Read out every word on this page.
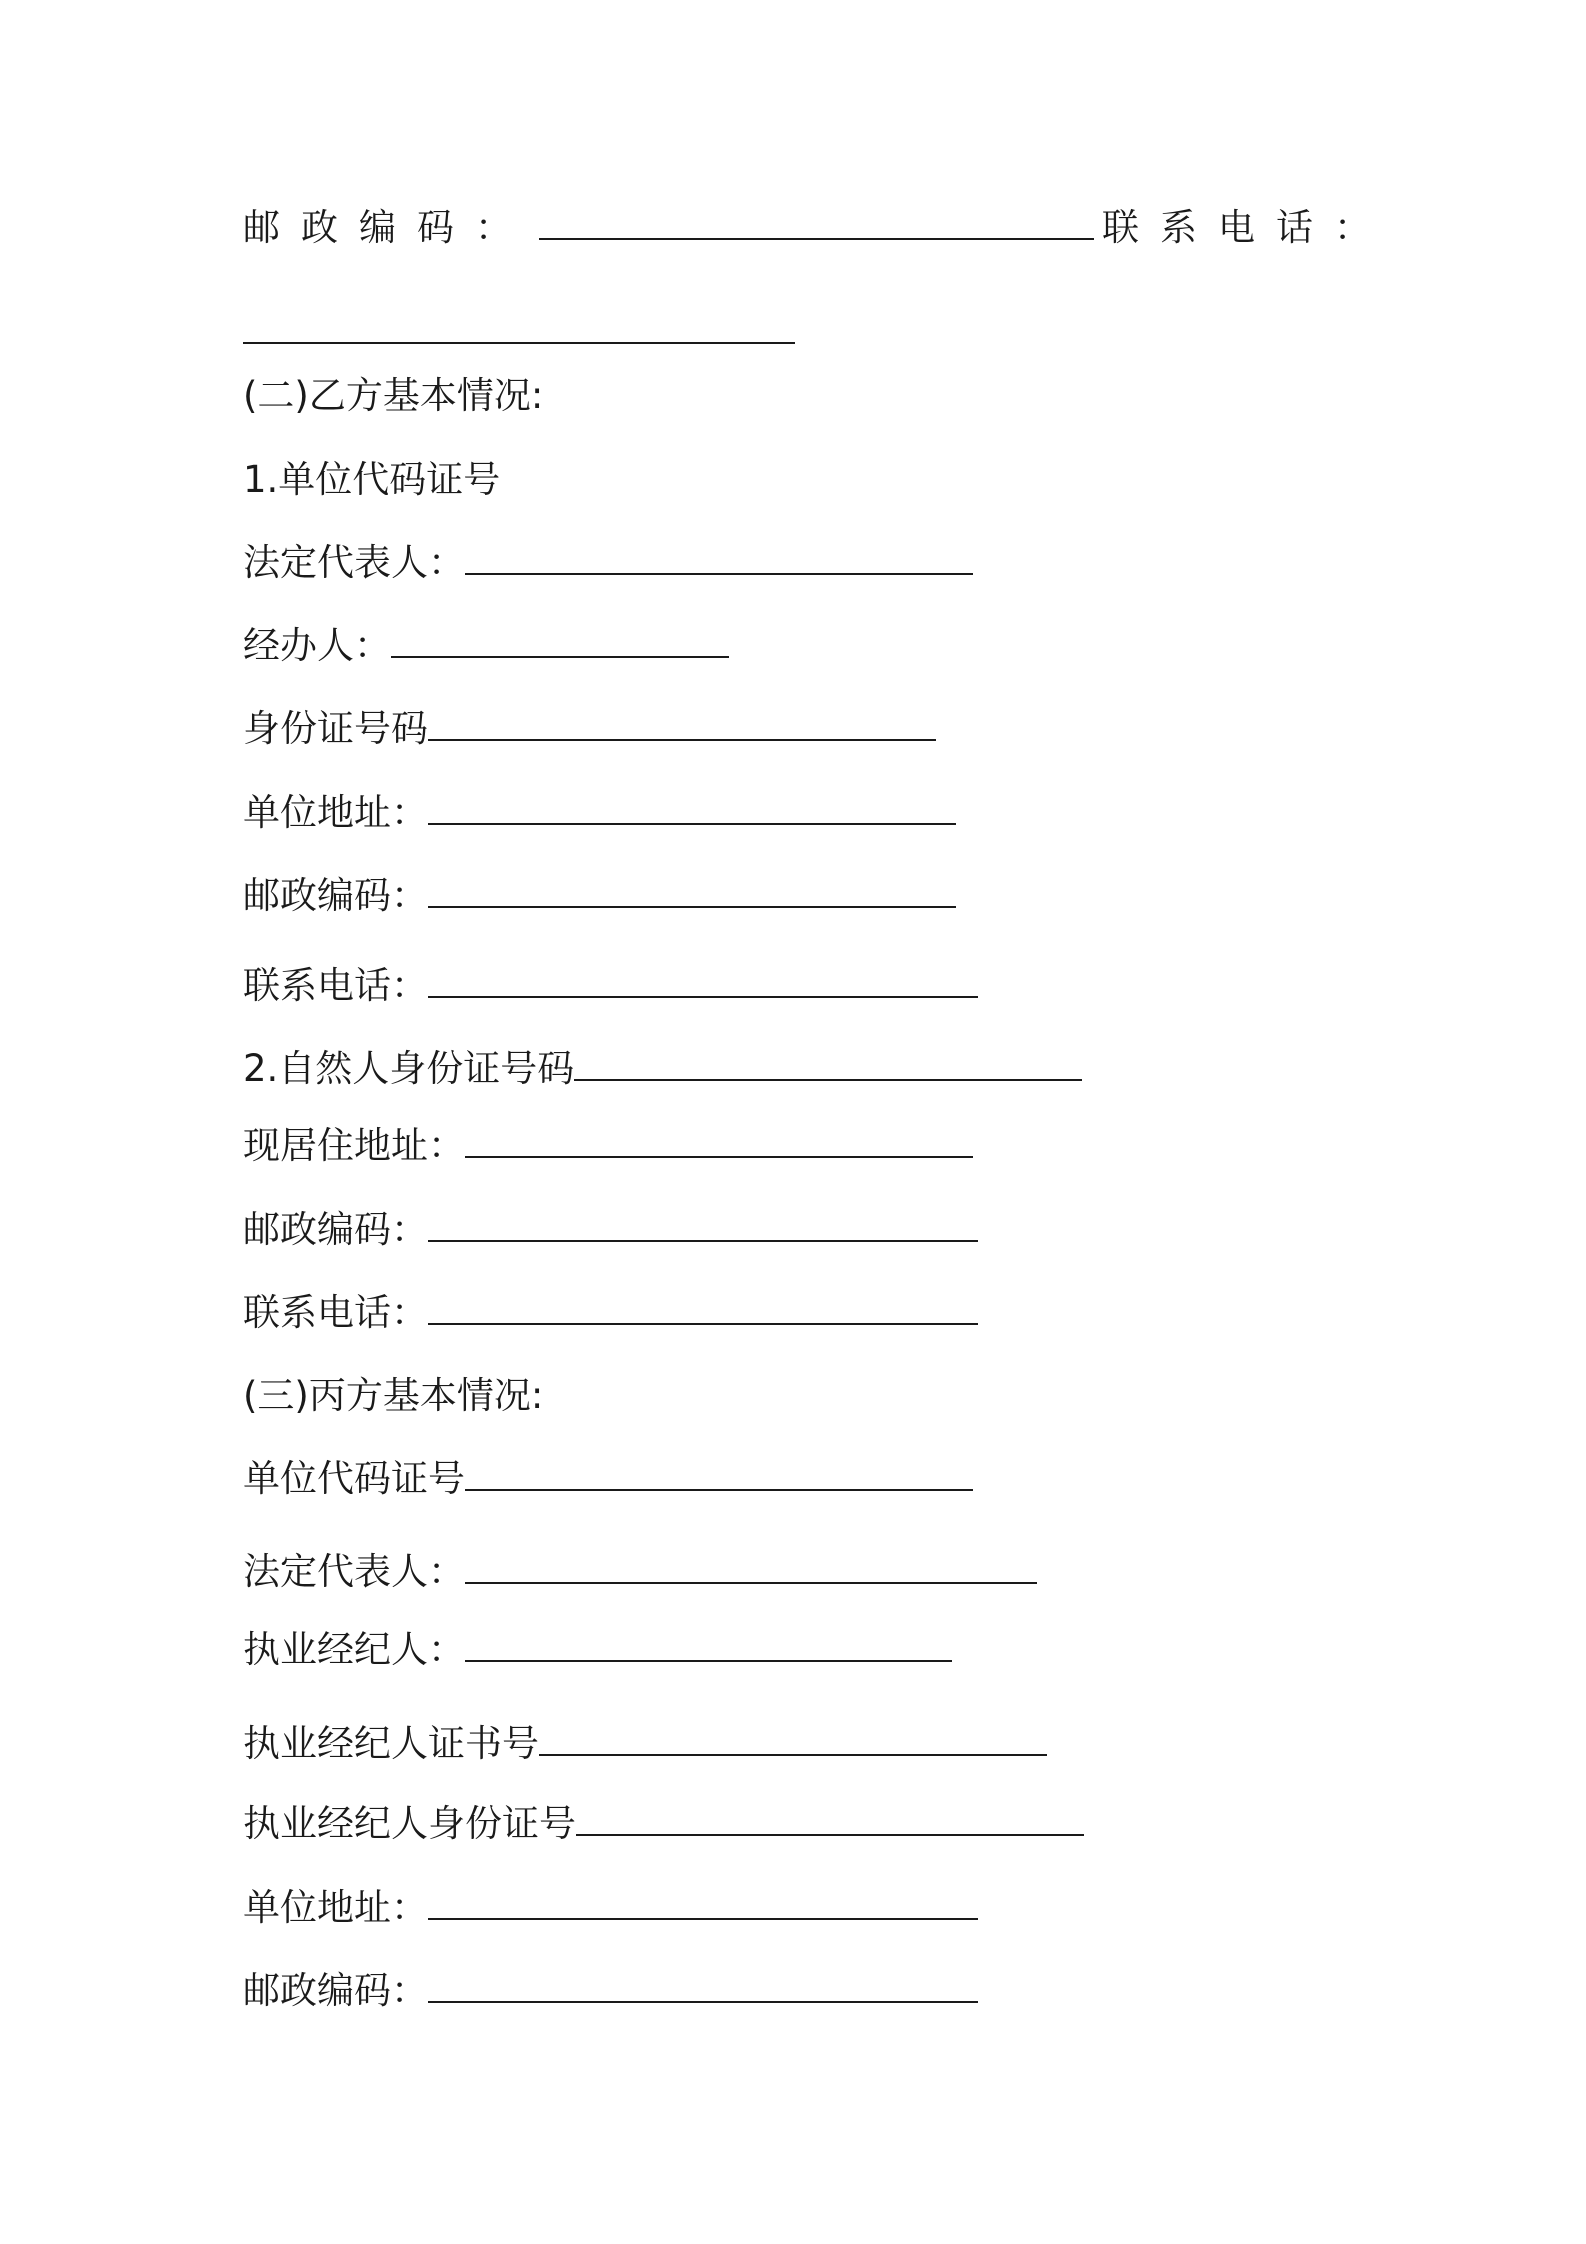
邮政编码：	联系电话：
(二)乙方基本情况:
1.单位代码证号
法定代表人：
经办人：
身份证号码
单位地址：
邮政编码：
联系电话：
2.自然人身份证号码
现居住地址：
邮政编码：
联系电话：
(三)丙方基本情况:
单位代码证号
法定代表人：
执业经纪人：
执业经纪人证书号
执业经纪人身份证号
单位地址：
邮政编码：
